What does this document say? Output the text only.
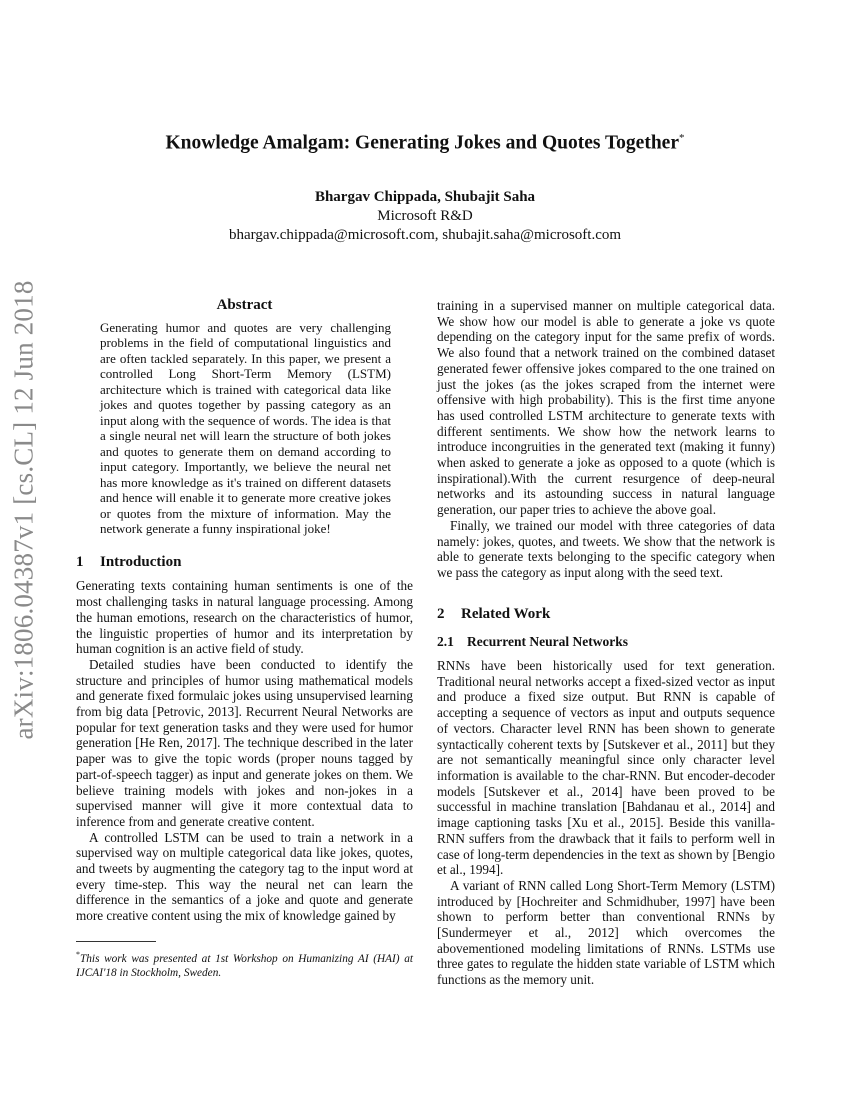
arXiv:1806.04387v1 [cs.CL] 12 Jun 2018
Knowledge Amalgam: Generating Jokes and Quotes Together*
Bhargav Chippada, Shubajit Saha
Microsoft R&D
bhargav.chippada@microsoft.com, shubajit.saha@microsoft.com
Abstract

Generating humor and quotes are very challenging problems in the field of computational linguistics and are often tackled separately. In this paper, we present a controlled Long Short-Term Memory (LSTM) architecture which is trained with categorical data like jokes and quotes together by passing category as an input along with the sequence of words. The idea is that a single neural net will learn the structure of both jokes and quotes to generate them on demand according to input category. Importantly, we believe the neural net has more knowledge as it's trained on different datasets and hence will enable it to generate more creative jokes or quotes from the mixture of information. May the network generate a funny inspirational joke!

1 Introduction

Generating texts containing human sentiments is one of the most challenging tasks in natural language processing. Among the human emotions, research on the characteristics of humor, the linguistic properties of humor and its interpretation by human cognition is an active field of study.

Detailed studies have been conducted to identify the structure and principles of humor using mathematical models and generate fixed formulaic jokes using unsupervised learning from big data [Petrovic, 2013]. Recurrent Neural Networks are popular for text generation tasks and they were used for humor generation [He Ren, 2017]. The technique described in the later paper was to give the topic words (proper nouns tagged by part-of-speech tagger) as input and generate jokes on them. We believe training models with jokes and non-jokes in a supervised manner will give it more contextual data to inference from and generate creative content.

A controlled LSTM can be used to train a network in a supervised way on multiple categorical data like jokes, quotes, and tweets by augmenting the category tag to the input word at every time-step. This way the neural net can learn the difference in the semantics of a joke and quote and generate more creative content using the mix of knowledge gained by

*This work was presented at 1st Workshop on Humanizing AI (HAI) at IJCAI'18 in Stockholm, Sweden.

training in a supervised manner on multiple categorical data. We show how our model is able to generate a joke vs quote depending on the category input for the same prefix of words. We also found that a network trained on the combined dataset generated fewer offensive jokes compared to the one trained on just the jokes (as the jokes scraped from the internet were offensive with high probability). This is the first time anyone has used controlled LSTM architecture to generate texts with different sentiments. We show how the network learns to introduce incongruities in the generated text (making it funny) when asked to generate a joke as opposed to a quote (which is inspirational).With the current resurgence of deep-neural networks and its astounding success in natural language generation, our paper tries to achieve the above goal.

Finally, we trained our model with three categories of data namely: jokes, quotes, and tweets. We show that the network is able to generate texts belonging to the specific category when we pass the category as input along with the seed text.

2 Related Work
2.1 Recurrent Neural Networks

RNNs have been historically used for text generation. Traditional neural networks accept a fixed-sized vector as input and produce a fixed size output. But RNN is capable of accepting a sequence of vectors as input and outputs sequence of vectors. Character level RNN has been shown to generate syntactically coherent texts by [Sutskever et al., 2011] but they are not semantically meaningful since only character level information is available to the char-RNN. But encoder-decoder models [Sutskever et al., 2014] have been proved to be successful in machine translation [Bahdanau et al., 2014] and image captioning tasks [Xu et al., 2015]. Beside this vanilla-RNN suffers from the drawback that it fails to perform well in case of long-term dependencies in the text as shown by [Bengio et al., 1994].

A variant of RNN called Long Short-Term Memory (LSTM) introduced by [Hochreiter and Schmidhuber, 1997] have been shown to perform better than conventional RNNs by [Sundermeyer et al., 2012] which overcomes the abovementioned modeling limitations of RNNs. LSTMs use three gates to regulate the hidden state variable of LSTM which functions as the memory unit.
